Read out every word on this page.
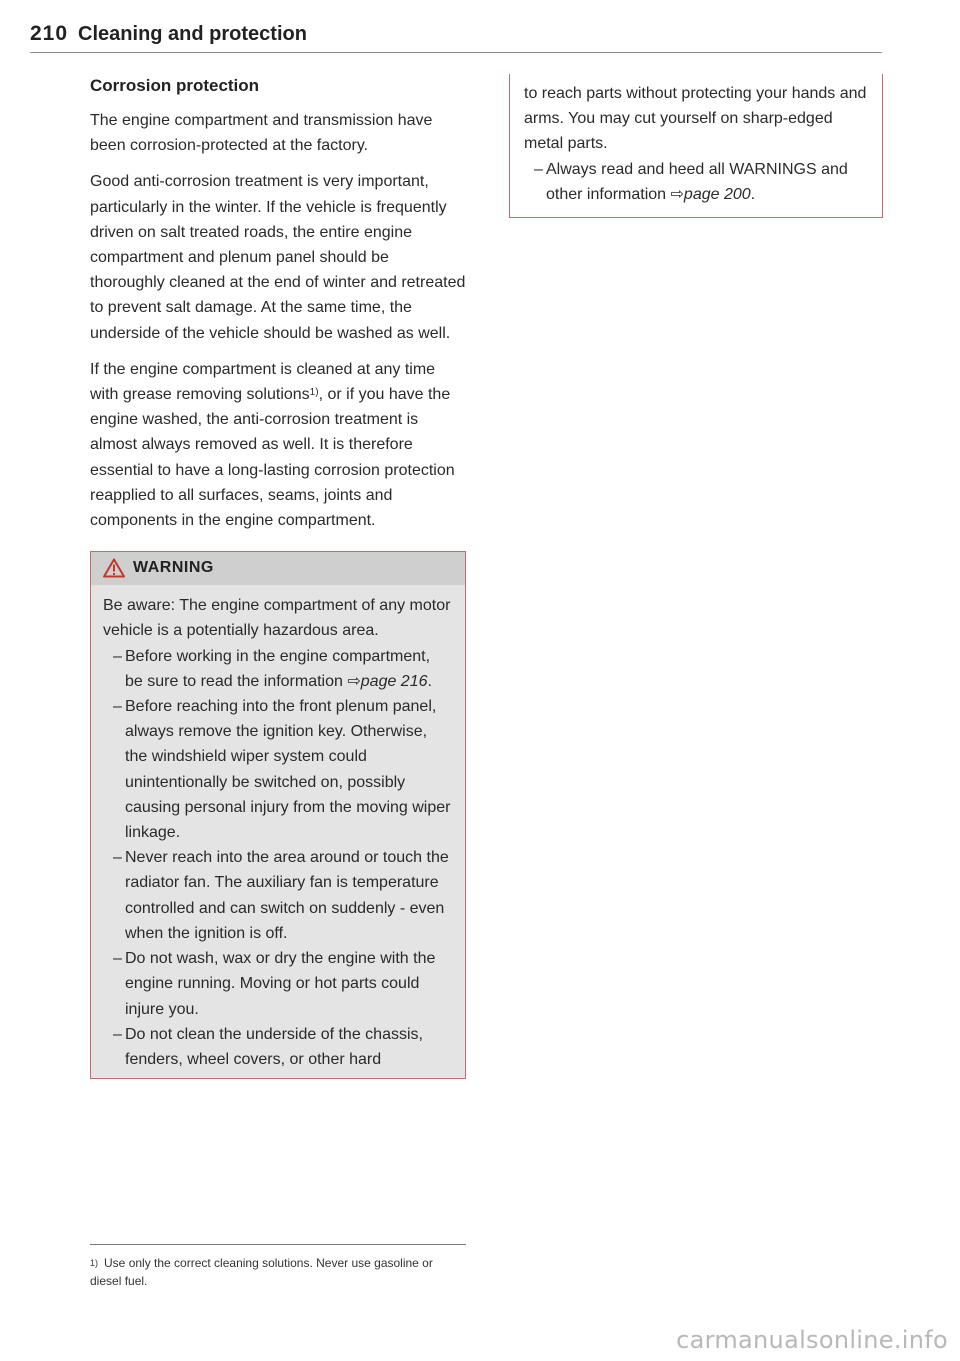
210 Cleaning and protection
Corrosion protection

The engine compartment and transmission have been corrosion-protected at the factory.

Good anti-corrosion treatment is very important, particularly in the winter. If the vehicle is frequently driven on salt treated roads, the entire engine compartment and plenum panel should be thoroughly cleaned at the end of winter and retreated to prevent salt damage. At the same time, the underside of the vehicle should be washed as well.

If the engine compartment is cleaned at any time with grease removing solutions$^{1)}$, or if you have the engine washed, the anti-corrosion treatment is almost always removed as well. It is therefore essential to have a long-lasting corrosion protection reapplied to all surfaces, seams, joints and components in the engine compartment.

WARNING

Be aware: The engine compartment of any motor vehicle is a potentially hazardous area.

– Before working in the engine compartment, be sure to read the information ⇨page 216.
– Before reaching into the front plenum panel, always remove the ignition key. Otherwise, the windshield wiper system could unintentionally be switched on, possibly causing personal injury from the moving wiper linkage.
– Never reach into the area around or touch the radiator fan. The auxiliary fan is temperature controlled and can switch on suddenly - even when the ignition is off.
– Do not wash, wax or dry the engine with the engine running. Moving or hot parts could injure you.
– Do not clean the underside of the chassis, fenders, wheel covers, or other hard

to reach parts without protecting your hands and arms. You may cut yourself on sharp-edged metal parts.

– Always read and heed all WARNINGS and other information ⇨page 200.
$^{1)}$ Use only the correct cleaning solutions. Never use gasoline or diesel fuel.
carmanualsonline.info
